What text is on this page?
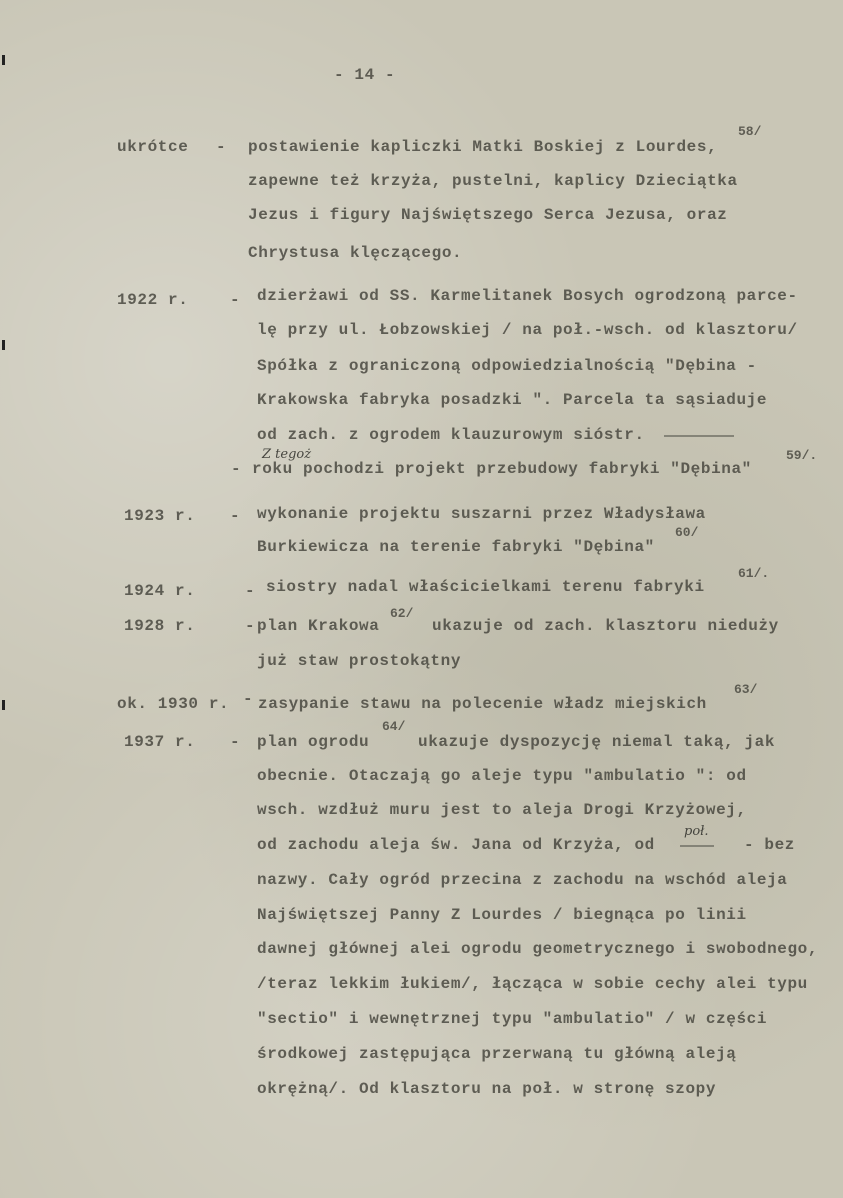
- 14 -
ukrótce - postawienie kapliczki Matki Boskiej z Lourdes,
58/
zapewne też krzyża, pustelni, kaplicy Dzieciątka
Jezus i figury Najświętszego Serca Jezusa, oraz
Chrystusa klęczącego.
1922 r.	- dzierżawi od SS. Karmelitanek Bosych ogrodzoną parce-
lę przy ul. Łobzowskiej / na poł.-wsch. od klasztoru/
Spółka z ograniczoną odpowiedzialnością "Dębina -
Krakowska fabryka posadzki ". Parcela ta sąsiaduje
od zach. z ogrodem klauzurowym sióstr.
Z tegoż
- roku pochodzi projekt przebudowy fabryki "Dębina"
59/.
1923 r. - wykonanie projektu suszarni przez Władysława
Burkiewicza na terenie fabryki "Dębina"
60/
1924 r.	- siostry nadal właścicielkami terenu fabryki
61/.
1928 r.	- plan Krakowa
62/
ukazuje od zach. klasztoru nieduży
już staw prostokątny
ok. 1930 r. - zasypanie stawu na polecenie władz miejskich
63/
1937 r. - plan ogrodu
64/
ukazuje dyspozycję niemal taką, jak
obecnie. Otaczają go aleje typu "ambulatio ": od
wsch. wzdłuż muru jest to aleja Drogi Krzyżowej,
od zachodu aleja św. Jana od Krzyża, od
poł.
- bez
nazwy. Cały ogród przecina z zachodu na wschód aleja
Najświętszej Panny Z Lourdes / biegnąca po linii
dawnej głównej alei ogrodu geometrycznego i swobodnego,
/teraz lekkim łukiem/, łącząca w sobie cechy alei typu
"sectio" i wewnętrznej typu "ambulatio" / w części
środkowej zastępująca przerwaną tu główną aleją
okrężną/. Od klasztoru na poł. w stronę szopy
